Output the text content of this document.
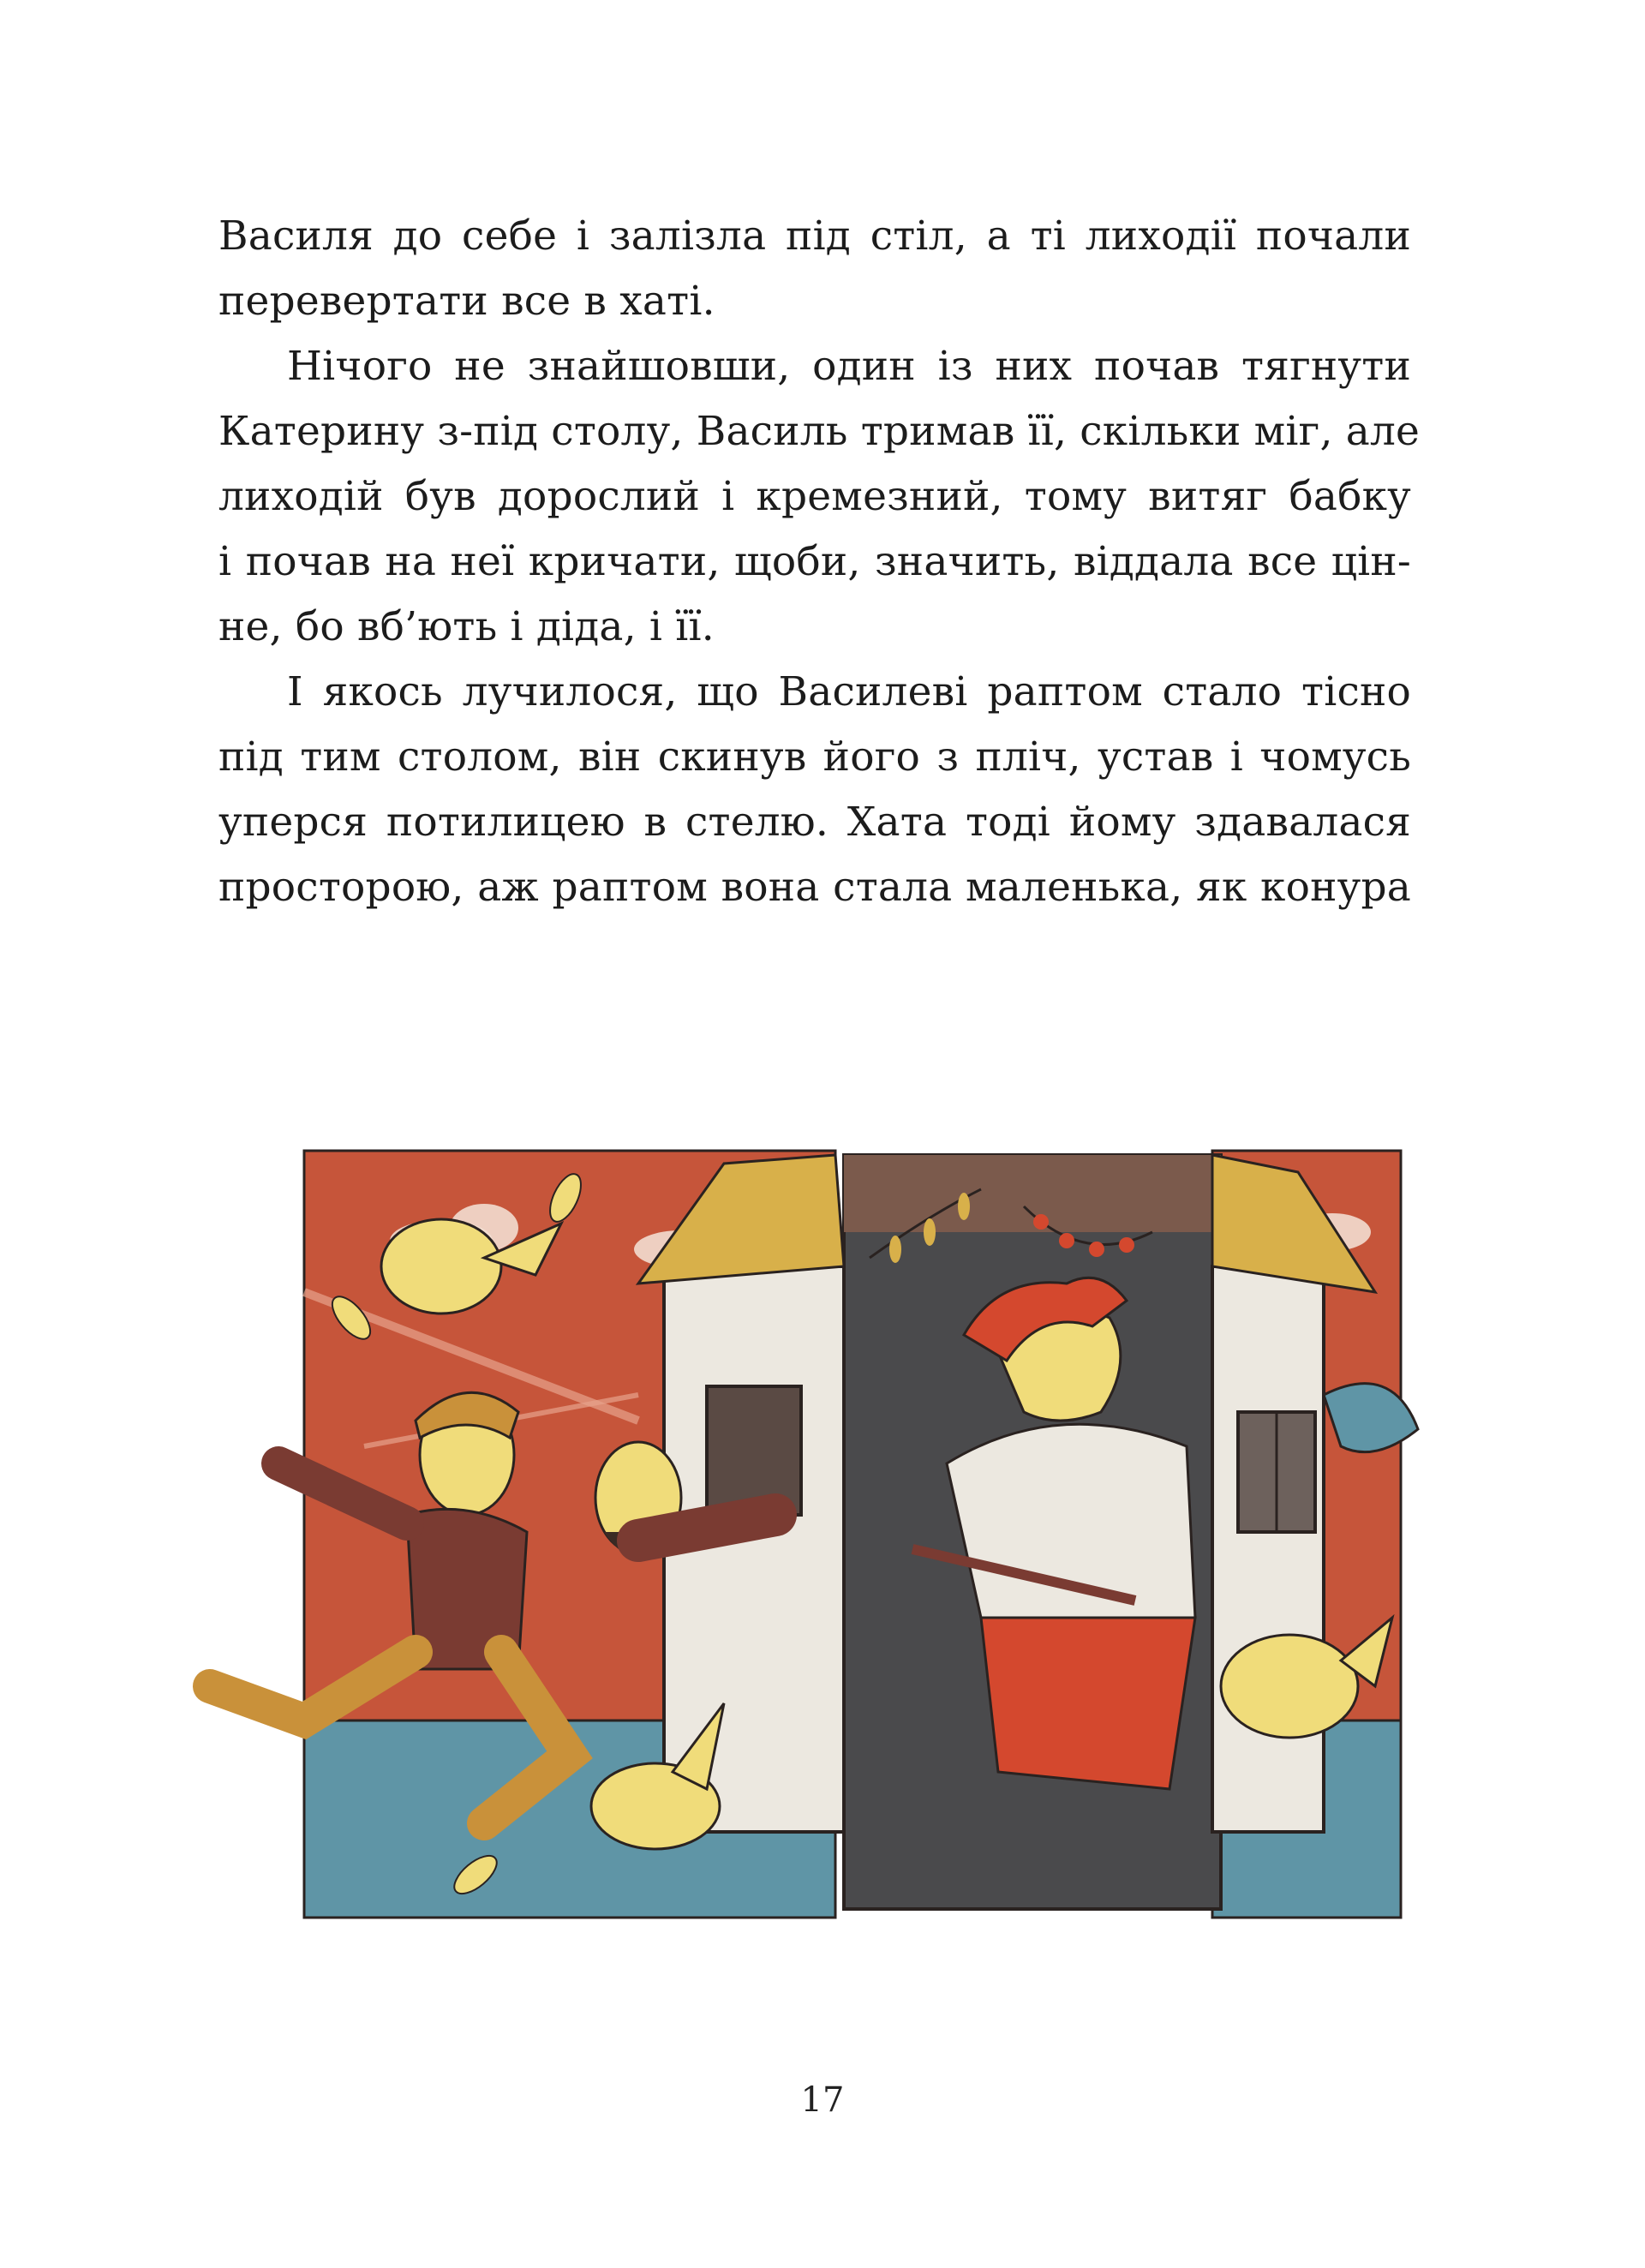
Василя до себе і залізла під стіл, а ті лиходії почали
перевертати все в хаті.
Нічого не знайшовши, один із них почав тягнути
Катерину з-під столу, Василь тримав її, скільки міг, але
лиходій був дорослий і кремезний, тому витяг бабку
і почав на неї кричати, щоби, значить, віддала все цін-
не, бо вб’ють і діда, і її.
І якось лучилося, що Василеві раптом стало тісно
під тим столом, він скинув його з пліч, устав і чомусь
уперся потилицею в стелю. Хата тоді йому здавалася
просторою, аж раптом вона стала маленька, як конура
17
